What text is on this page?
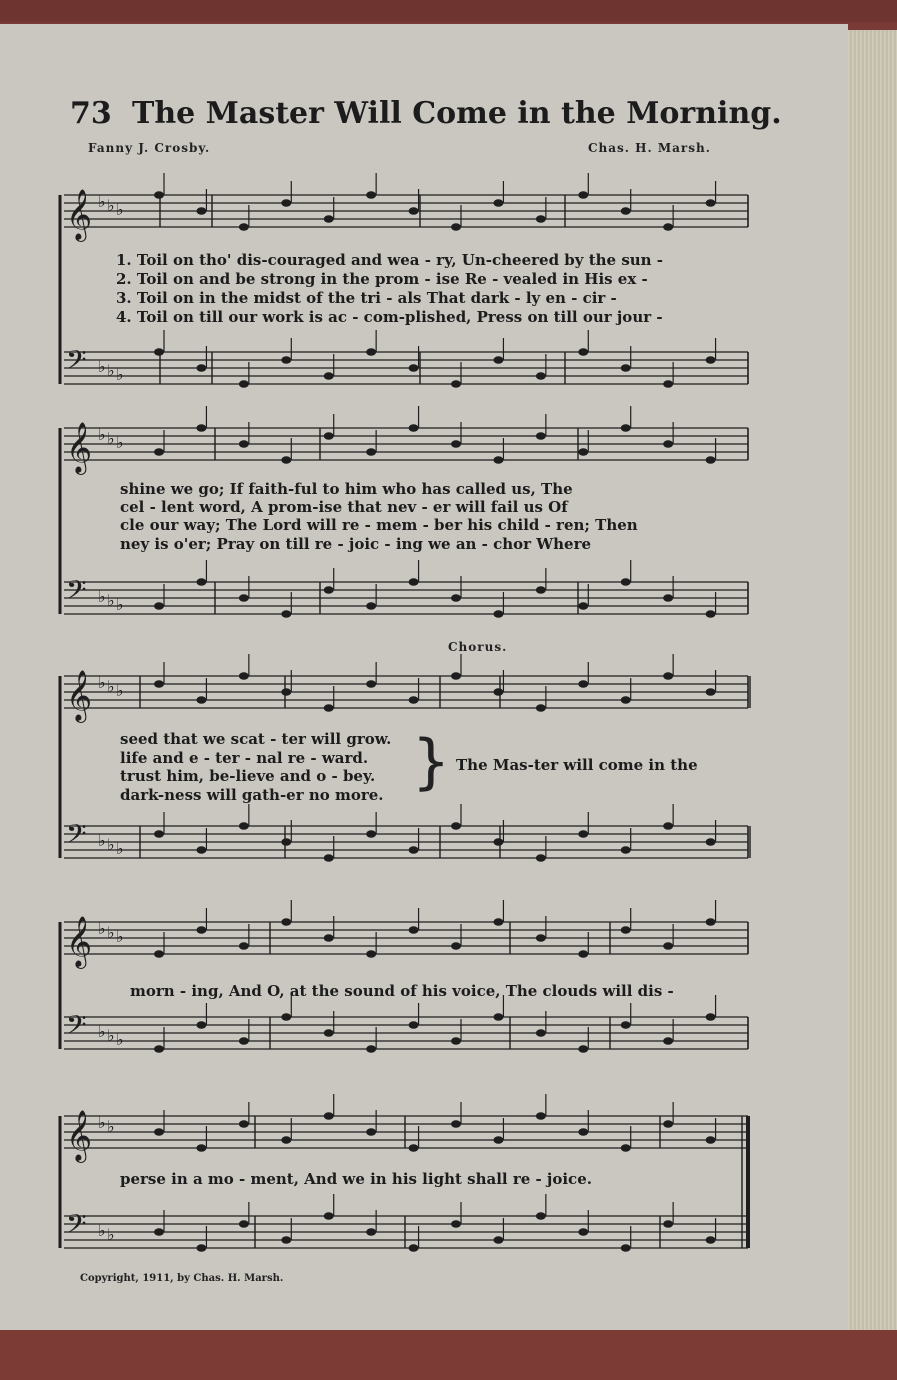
73 The Master Will Come in the Morning.
Fanny J. Crosby.	Chas. H. Marsh.
𝄞 ♭ ♭ ♭
𝄢 ♭ ♭ ♭
𝄞 ♭ ♭ ♭
𝄢 ♭ ♭ ♭
𝄞 ♭ ♭ ♭
𝄢 ♭ ♭ ♭
𝄞 ♭ ♭ ♭
𝄢 ♭ ♭ ♭
𝄞 ♭ ♭
𝄢 ♭ ♭
1. Toil on tho' dis-couraged and wea - ry, Un-cheered by the sun -
2. Toil on and be strong in the prom - ise Re - vealed in His ex -
3. Toil on in the midst of the tri - als That dark - ly en - cir -
4. Toil on till our work is ac - com-plished, Press on till our jour -
shine we go; If faith-ful to him who has called us, The
cel - lent word, A prom-ise that nev - er will fail us Of
cle our way; The Lord will re - mem - ber his child - ren; Then
ney is o'er; Pray on till re - joic - ing we an - chor Where
Chorus.
seed that we scat - ter will grow.
life and e - ter - nal re - ward.
trust him, be-lieve and o - bey.
dark-ness will gath-er no more. } The Mas-ter will come in the
morn - ing, And O, at the sound of his voice, The clouds will dis -
perse in a mo - ment, And we in his light shall re - joice.
Copyright, 1911, by Chas. H. Marsh.
